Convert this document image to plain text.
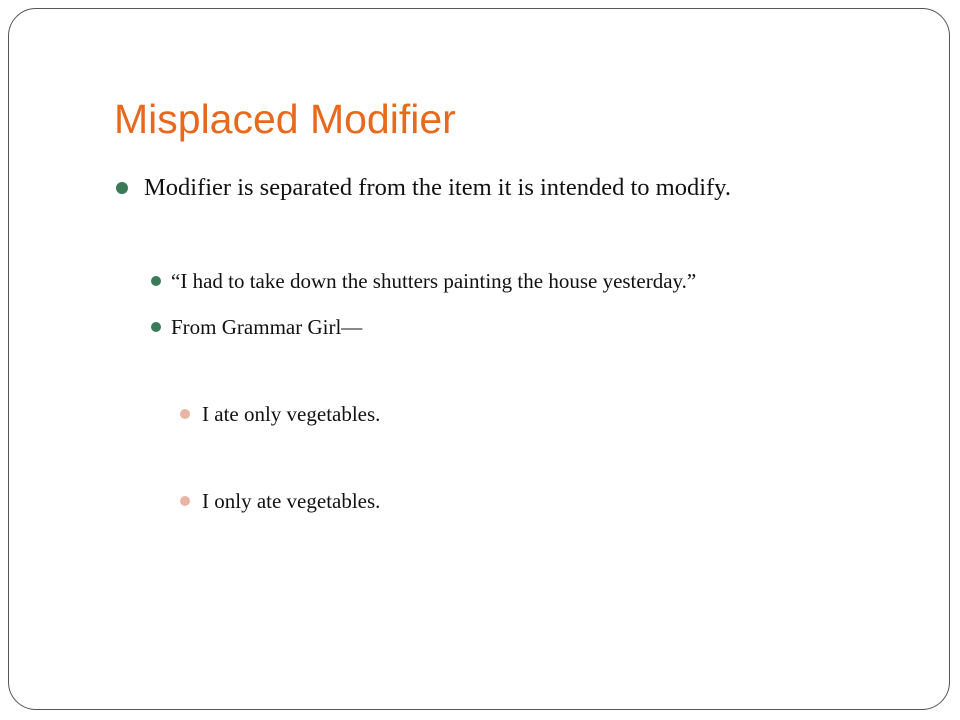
Misplaced Modifier
Modifier is separated from the item it is intended to modify.
“I had to take down the shutters painting the house yesterday.”
From Grammar Girl—
I ate only vegetables.
I only ate vegetables.
